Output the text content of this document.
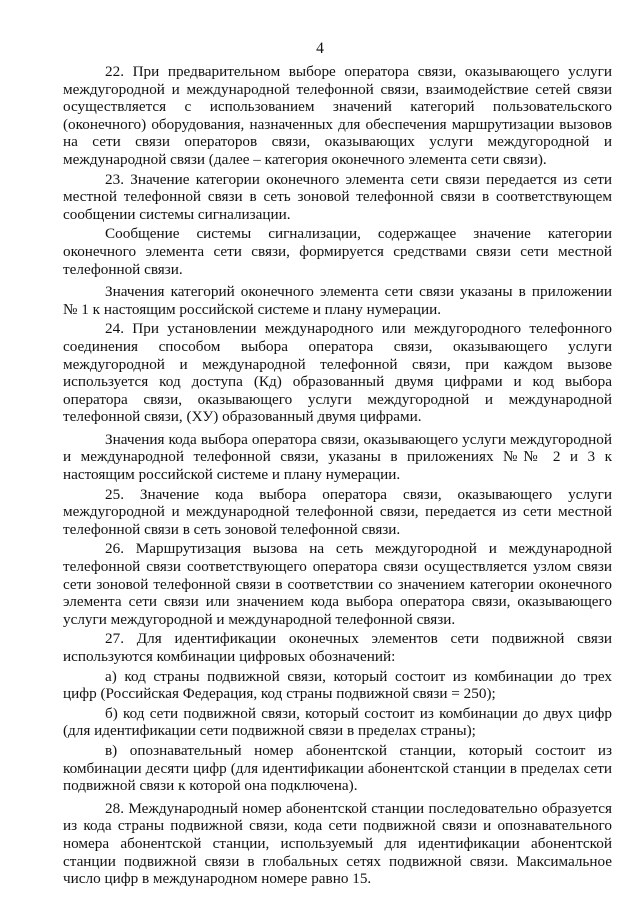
4

22. При предварительном выборе оператора связи, оказывающего услуги междугородной и международной телефонной связи, взаимодействие сетей связи осуществляется с использованием значений категорий пользовательского (оконечного) оборудования, назначенных для обеспечения маршрутизации вызовов на сети связи операторов связи, оказывающих услуги междугородной и международной связи (далее – категория оконечного элемента сети связи).

23. Значение категории оконечного элемента сети связи передается из сети местной телефонной связи в сеть зоновой телефонной связи в соответствующем сообщении системы сигнализации.

Сообщение системы сигнализации, содержащее значение категории оконечного элемента сети связи, формируется средствами связи сети местной телефонной связи.

Значения категорий оконечного элемента сети связи указаны в приложении № 1 к настоящим российской системе и плану нумерации.

24. При установлении международного или междугородного телефонного соединения способом выбора оператора связи, оказывающего услуги междугородной и международной телефонной связи, при каждом вызове используется код доступа (Кд) образованный двумя цифрами и код выбора оператора связи, оказывающего услуги междугородной и международной телефонной связи, (ХУ) образованный двумя цифрами.

Значения кода выбора оператора связи, оказывающего услуги междугородной и международной телефонной связи, указаны в приложениях №№ 2 и 3 к настоящим российской системе и плану нумерации.

25. Значение кода выбора оператора связи, оказывающего услуги междугородной и международной телефонной связи, передается из сети местной телефонной связи в сеть зоновой телефонной связи.

26. Маршрутизация вызова на сеть междугородной и международной телефонной связи соответствующего оператора связи осуществляется узлом связи сети зоновой телефонной связи в соответствии со значением категории оконечного элемента сети связи или значением кода выбора оператора связи, оказывающего услуги междугородной и международной телефонной связи.

27. Для идентификации оконечных элементов сети подвижной связи используются комбинации цифровых обозначений:

а) код страны подвижной связи, который состоит из комбинации до трех цифр (Российская Федерация, код страны подвижной связи = 250);

б) код сети подвижной связи, который состоит из комбинации до двух цифр (для идентификации сети подвижной связи в пределах страны);

в) опознавательный номер абонентской станции, который состоит из комбинации десяти цифр (для идентификации абонентской станции в пределах сети подвижной связи к которой она подключена).

28. Международный номер абонентской станции последовательно образуется из кода страны подвижной связи, кода сети подвижной связи и опознавательного номера абонентской станции, используемый для идентификации абонентской станции подвижной связи в глобальных сетях подвижной связи. Максимальное число цифр в международном номере равно 15.
